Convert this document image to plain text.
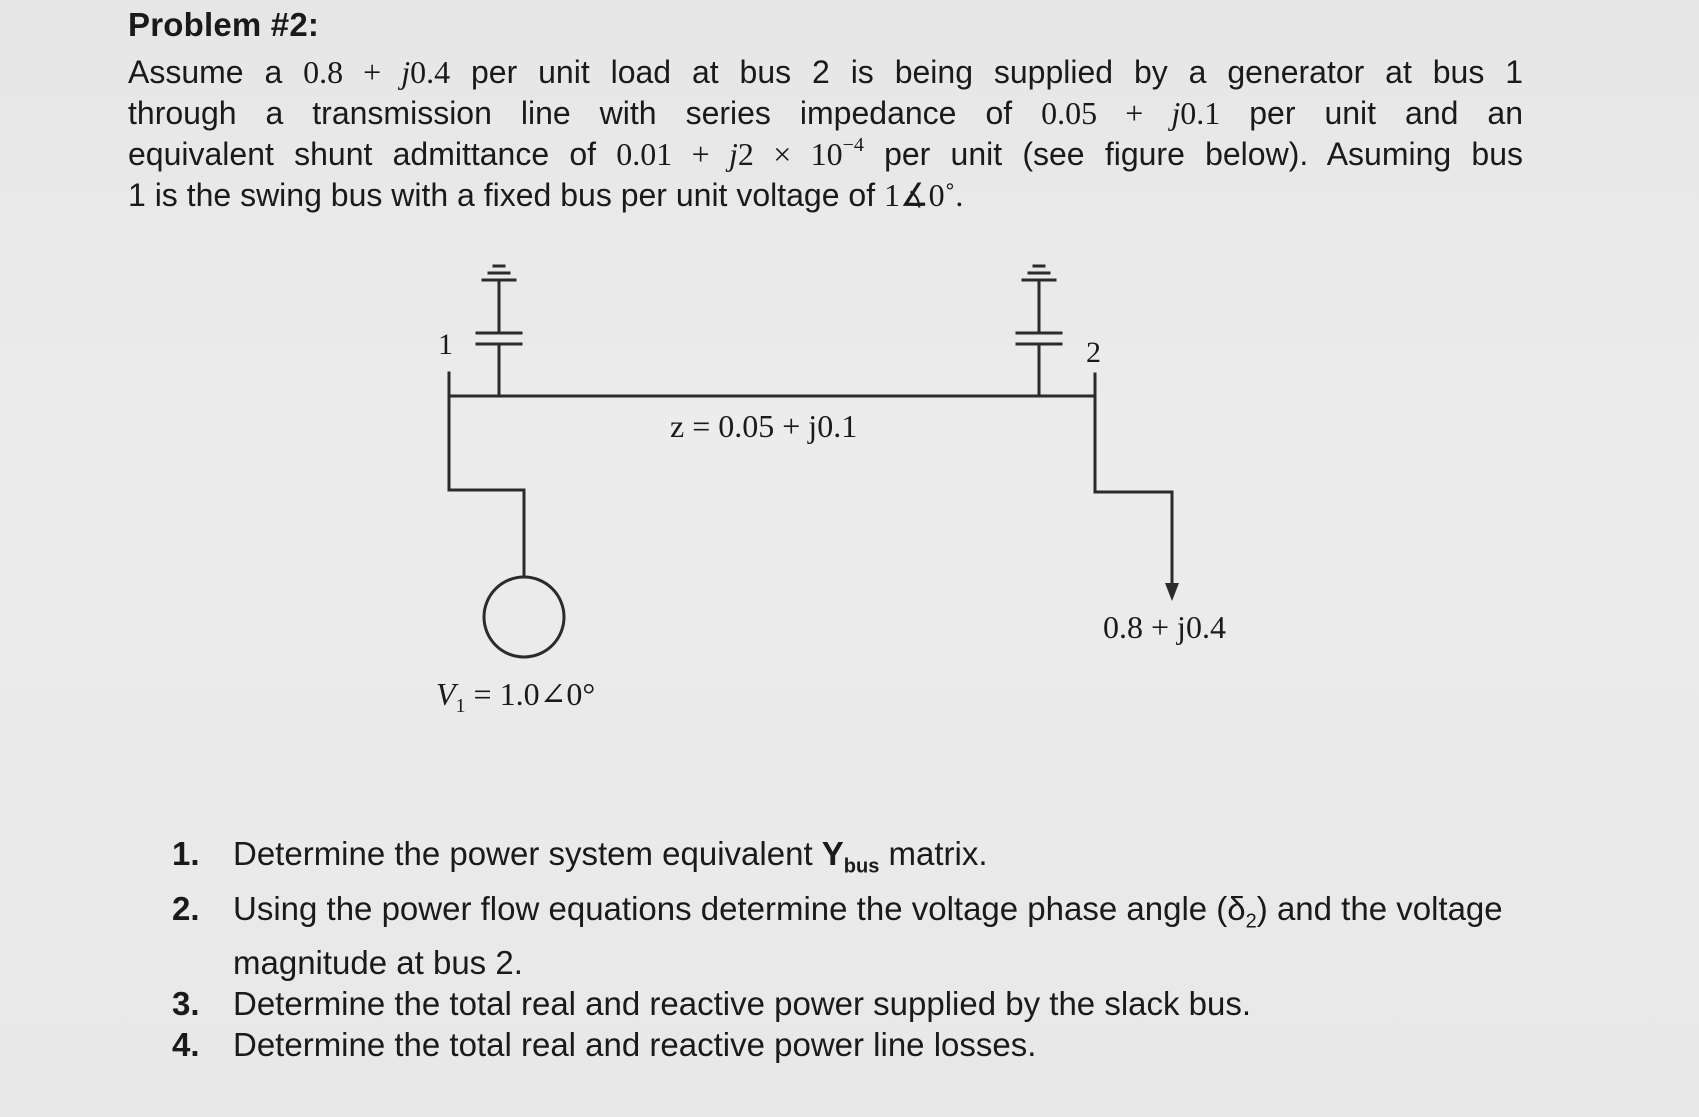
Problem #2:
Assume a 0.8 + j0.4 per unit load at bus 2 is being supplied by a generator at bus 1
through a transmission line with series impedance of 0.05 + j0.1 per unit and an
equivalent shunt admittance of $0.01 + j2 \times 10^{-4}$ per unit (see figure below). Asuming bus
1 is the swing bus with a fixed bus per unit voltage of 1∡0˚.
1	2
z = 0.05 + j0.1
0.8 + j0.4
$V_1$ = 1.0∠0°
1. Determine the power system equivalent $Y_{bus}$ matrix.
2. Using the power flow equations determine the voltage phase angle $(\delta_2)$ and the voltage magnitude at bus 2.
3. Determine the total real and reactive power supplied by the slack bus.
4. Determine the total real and reactive power line losses.
